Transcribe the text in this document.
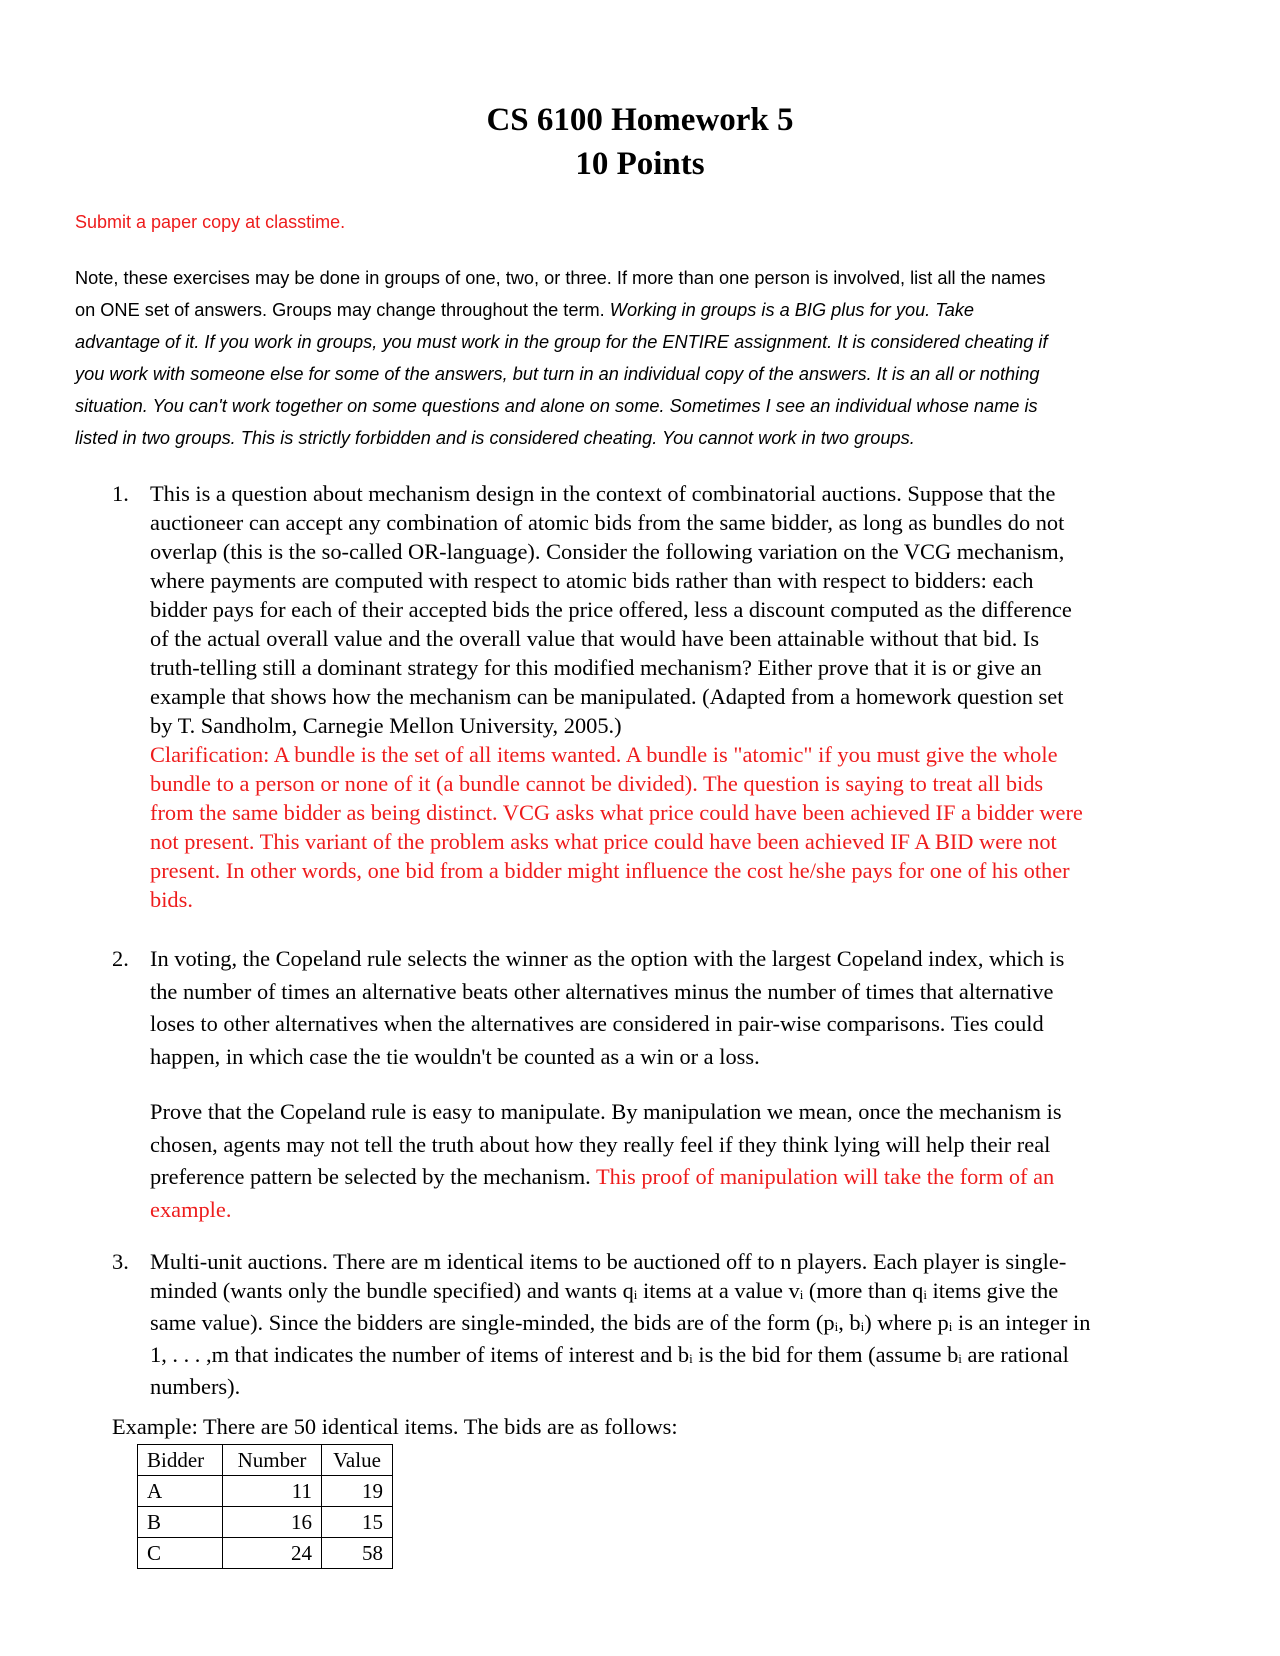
CS 6100 Homework 5
10 Points
Submit a paper copy at classtime.

Note, these exercises may be done in groups of one, two, or three. If more than one person is involved, list all the names

on ONE set of answers. Groups may change throughout the term. Working in groups is a BIG plus for you. Take

advantage of it. If you work in groups, you must work in the group for the ENTIRE assignment. It is considered cheating if

you work with someone else for some of the answers, but turn in an individual copy of the answers. It is an all or nothing

situation. You can't work together on some questions and alone on some. Sometimes I see an individual whose name is

listed in two groups. This is strictly forbidden and is considered cheating. You cannot work in two groups.

1. This is a question about mechanism design in the context of combinatorial auctions. Suppose that the

auctioneer can accept any combination of atomic bids from the same bidder, as long as bundles do not

overlap (this is the so-called OR-language). Consider the following variation on the VCG mechanism,

where payments are computed with respect to atomic bids rather than with respect to bidders: each

bidder pays for each of their accepted bids the price offered, less a discount computed as the difference

of the actual overall value and the overall value that would have been attainable without that bid. Is

truth-telling still a dominant strategy for this modified mechanism? Either prove that it is or give an

example that shows how the mechanism can be manipulated. (Adapted from a homework question set

by T. Sandholm, Carnegie Mellon University, 2005.)

Clarification: A bundle is the set of all items wanted. A bundle is "atomic" if you must give the whole

bundle to a person or none of it (a bundle cannot be divided). The question is saying to treat all bids

from the same bidder as being distinct. VCG asks what price could have been achieved IF a bidder were

not present. This variant of the problem asks what price could have been achieved IF A BID were not

present. In other words, one bid from a bidder might influence the cost he/she pays for one of his other

bids.

2. In voting, the Copeland rule selects the winner as the option with the largest Copeland index, which is

the number of times an alternative beats other alternatives minus the number of times that alternative

loses to other alternatives when the alternatives are considered in pair-wise comparisons. Ties could

happen, in which case the tie wouldn't be counted as a win or a loss.

Prove that the Copeland rule is easy to manipulate. By manipulation we mean, once the mechanism is

chosen, agents may not tell the truth about how they really feel if they think lying will help their real

preference pattern be selected by the mechanism. This proof of manipulation will take the form of an

example.

3. Multi-unit auctions. There are m identical items to be auctioned off to n players. Each player is single-

minded (wants only the bundle specified) and wants $q_i$ items at a value $v_i$ (more than $q_i$ items give the

same value). Since the bidders are single-minded, the bids are of the form ($p_i$, $b_i$) where $p_i$ is an integer in

1, . . . ,m that indicates the number of items of interest and $b_i$ is the bid for them (assume $b_i$ are rational

numbers).

Example: There are 50 identical items. The bids are as follows:
Bidder	Number	Value
A	11	19
B	16	15
C	24	58
